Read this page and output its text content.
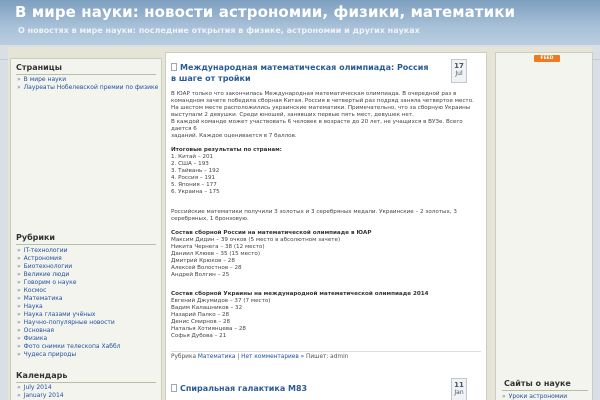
В мире науки: новости астрономии, физики, математики
О новостях в мире науки: последние открытия в физике, астрономии и других науках
Страницы
» В мире науки
» Лауреаты Нобелевской премии по физике
Рубрики
» IT-технологии
» Астрономия
» Биотехнологии
» Великие люди
» Говорим о науке
» Космос
» Математика
» Наука
» Наука глазами учёных
» Научно-популярные новости
» Основная
» Физика
» Фото снимки телескопа Хаббл
» Чудеса природы
Календарь
» July 2014
» January 2014
Международная математическая олимпиада: Россия в шаге от тройки
17
Jul
В ЮАР только что закончилась Международная математическая олимпиада. В очередной раз в
командном зачете победила сборная Китая. Россия в четвертый раз подряд заняла четвертое место.
На шестом месте расположились украинские математики. Примечательно, что за сборную Украины
выступали 2 девушки. Среди юношей, занявших первые пять мест, девушек нет.
В каждой команде может участвовать 6 человек в возрасте до 20 лет, не учащихся в ВУЗе. Всего дается 6
заданий. Каждое оценивается в 7 баллов.
Итоговые результаты по странам:
1. Китай – 201
2. США – 193
3. Тайвань – 192
4. Россия – 191
5. Япония – 177
6. Украина – 175
Российские математики получили 3 золотых и 3 серебряных медали. Украинские – 2 золотых, 3
серебряных, 1 бронзовую.
Состав сборной России на математической олимпиаде в ЮАР
Максим Дидин – 39 очков (5 место в абсолютном зачете)
Никита Чернега – 38 (12 место)
Даниил Клюев – 35 (15 место)
Дмитрий Крюков – 28
Алексей Волостнов – 28
Андрей Волгин – 25
Состав сборной Украины на международной математической олимпиаде 2014
Евгений Джумидов – 37 (7 место)
Вадим Калашников – 32
Назарий Палко – 28
Денис Смирнов – 28
Наталья Хотиянцева – 28
Софья Дубова – 21
Рубрика Математика | Нет комментариев » Пишет: admin
Спиральная галактика M83	11
Jan
Сайты о науке
» Уроки астрономии
FEED
